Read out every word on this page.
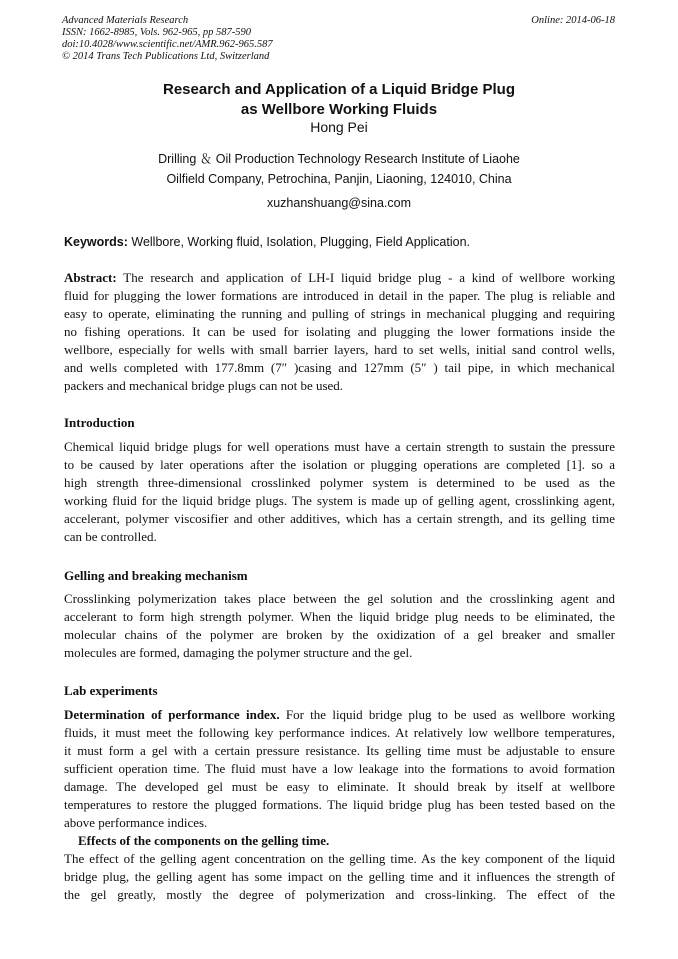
Advanced Materials Research
ISSN: 1662-8985, Vols. 962-965, pp 587-590
doi:10.4028/www.scientific.net/AMR.962-965.587
© 2014 Trans Tech Publications Ltd, Switzerland
Online: 2014-06-18
Research and Application of a Liquid Bridge Plug
as Wellbore Working Fluids
Hong Pei
Drilling ＆ Oil Production Technology Research Institute of Liaohe
Oilfield Company, Petrochina, Panjin, Liaoning, 124010, China
xuzhanshuang@sina.com
Keywords: Wellbore, Working fluid, Isolation, Plugging, Field Application.
Abstract: The research and application of LH-I liquid bridge plug - a kind of wellbore working
fluid for plugging the lower formations are introduced in detail in the paper. The plug is reliable and
easy to operate, eliminating the running and pulling of strings in mechanical plugging and requiring
no fishing operations. It can be used for isolating and plugging the lower formations inside the
wellbore, especially for wells with small barrier layers, hard to set wells, initial sand control wells,
and wells completed with 177.8mm (7″ )casing and 127mm (5″ ) tail pipe, in which mechanical
packers and mechanical bridge plugs can not be used.
Introduction
Chemical liquid bridge plugs for well operations must have a certain strength to sustain the pressure
to be caused by later operations after the isolation or plugging operations are completed [1]. so a
high strength three-dimensional crosslinked polymer system is determined to be used as the
working fluid for the liquid bridge plugs. The system is made up of gelling agent, crosslinking agent,
accelerant, polymer viscosifier and other additives, which has a certain strength, and its gelling time
can be controlled.
Gelling and breaking mechanism
Crosslinking polymerization takes place between the gel solution and the crosslinking agent and
accelerant to form high strength polymer. When the liquid bridge plug needs to be eliminated, the
molecular chains of the polymer are broken by the oxidization of a gel breaker and smaller
molecules are formed, damaging the polymer structure and the gel.
Lab experiments
Determination of performance index. For the liquid bridge plug to be used as wellbore working
fluids, it must meet the following key performance indices. At relatively low wellbore temperatures,
it must form a gel with a certain pressure resistance. Its gelling time must be adjustable to ensure
sufficient operation time. The fluid must have a low leakage into the formations to avoid formation
damage. The developed gel must be easy to eliminate. It should break by itself at wellbore
temperatures to restore the plugged formations. The liquid bridge plug has been tested based on the
above performance indices.
Effects of the components on the gelling time.
The effect of the gelling agent concentration on the gelling time. As the key component of the liquid
bridge plug, the gelling agent has some impact on the gelling time and it influences the strength of
the gel greatly, mostly the degree of polymerization and cross-linking. The effect of the
